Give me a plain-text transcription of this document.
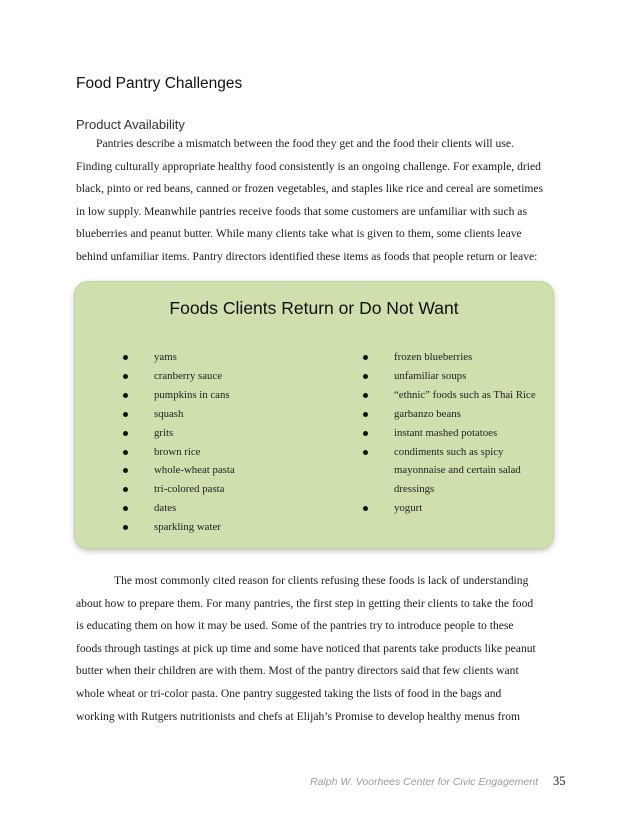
Food Pantry Challenges
Product Availability

Pantries describe a mismatch between the food they get and the food their clients will use.
Finding culturally appropriate healthy food consistently is an ongoing challenge. For example, dried
black, pinto or red beans, canned or frozen vegetables, and staples like rice and cereal are sometimes
in low supply. Meanwhile pantries receive foods that some customers are unfamiliar with such as
blueberries and peanut butter. While many clients take what is given to them, some clients leave
behind unfamiliar items. Pantry directors identified these items as foods that people return or leave:

Foods Clients Return or Do Not Want
yams
cranberry sauce
pumpkins in cans
squash
grits
brown rice
whole-wheat pasta
tri-colored pasta
dates
sparkling water
frozen blueberries
unfamiliar soups
“ethnic” foods such as Thai Rice
garbanzo beans
instant mashed potatoes
condiments such as spicy mayonnaise and certain salad dressings
yogurt

The most commonly cited reason for clients refusing these foods is lack of understanding
about how to prepare them. For many pantries, the first step in getting their clients to take the food
is educating them on how it may be used. Some of the pantries try to introduce people to these
foods through tastings at pick up time and some have noticed that parents take products like peanut
butter when their children are with them. Most of the pantry directors said that few clients want
whole wheat or tri-color pasta. One pantry suggested taking the lists of food in the bags and
working with Rutgers nutritionists and chefs at Elijah’s Promise to develop healthy menus from

Ralph W. Voorhees Center for Civic Engagement 35
